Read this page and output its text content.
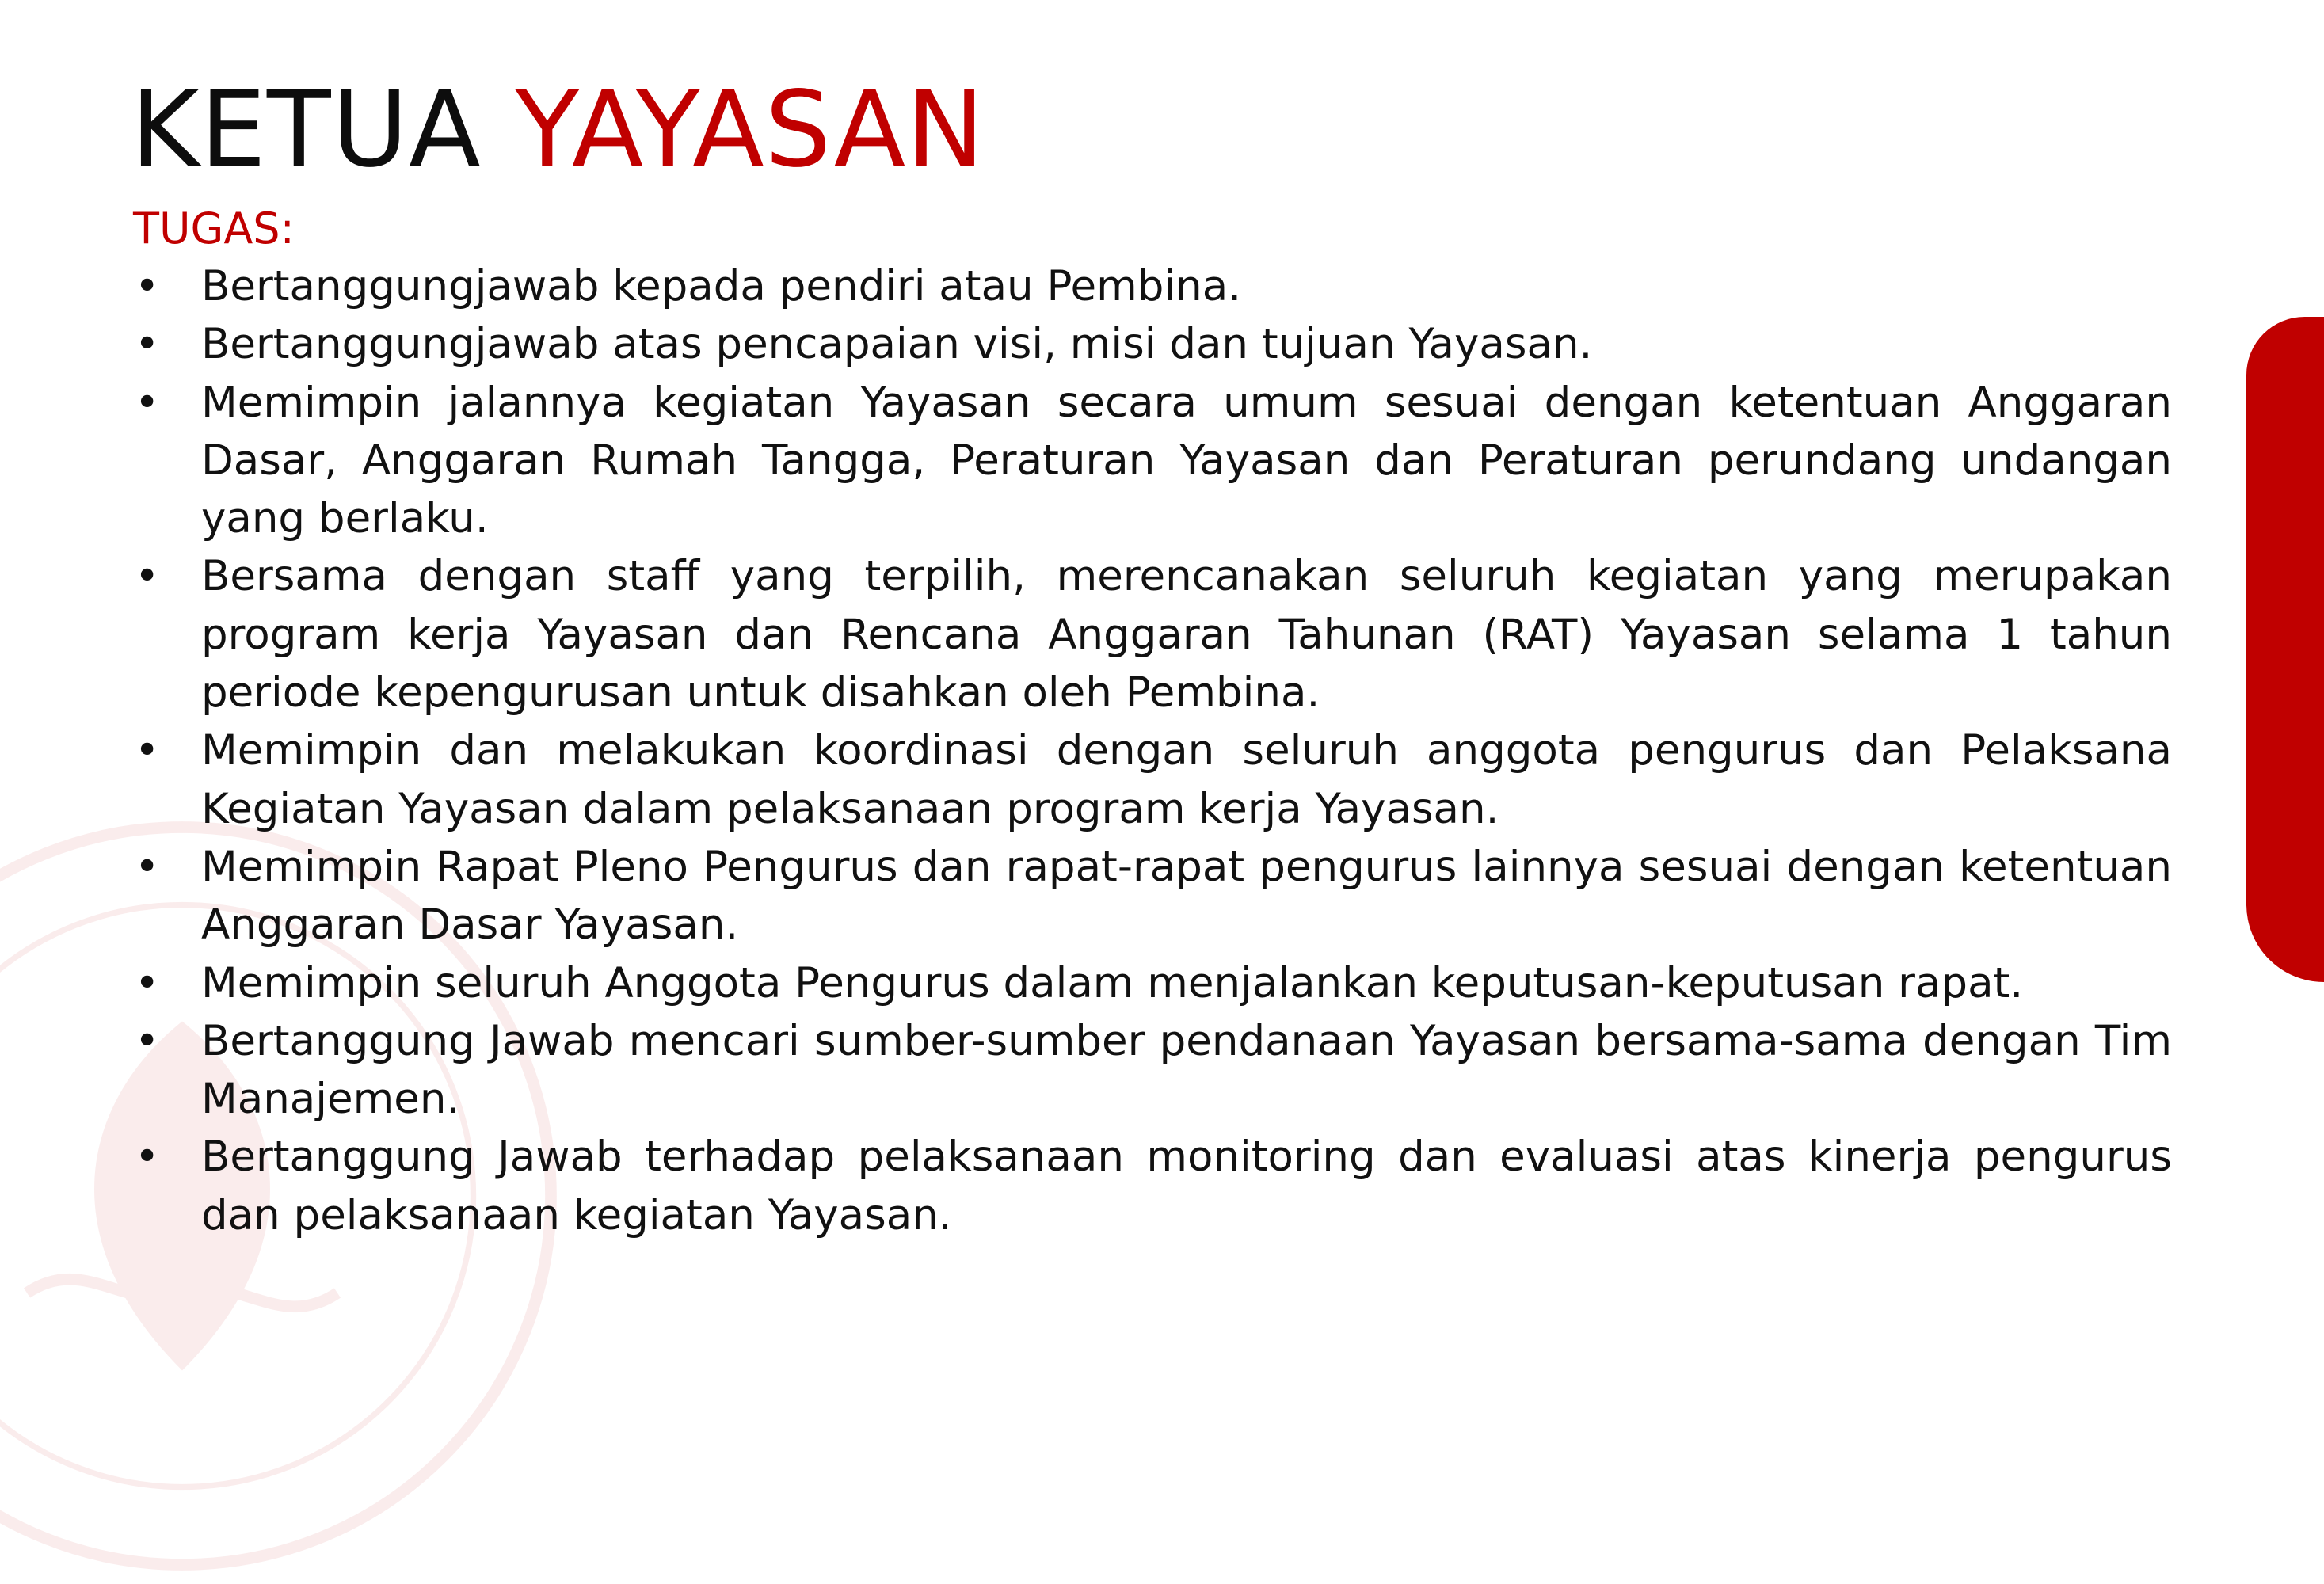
KETUA YAYASAN
TUGAS:
• Bertanggungjawab kepada pendiri atau Pembina.
• Bertanggungjawab atas pencapaian visi, misi dan tujuan Yayasan.
• Memimpin jalannya kegiatan Yayasan secara umum sesuai dengan ketentuan Anggaran Dasar, Anggaran Rumah Tangga, Peraturan Yayasan dan Peraturan perundang undangan yang berlaku.
• Bersama dengan staff yang terpilih, merencanakan seluruh kegiatan yang merupakan program kerja Yayasan dan Rencana Anggaran Tahunan (RAT) Yayasan selama 1 tahun periode kepengurusan untuk disahkan oleh Pembina.
• Memimpin dan melakukan koordinasi dengan seluruh anggota pengurus dan Pelaksana Kegiatan Yayasan dalam pelaksanaan program kerja Yayasan.
• Memimpin Rapat Pleno Pengurus dan rapat-rapat pengurus lainnya sesuai dengan ketentuan Anggaran Dasar Yayasan.
• Memimpin seluruh Anggota Pengurus dalam menjalankan keputusan-keputusan rapat.
• Bertanggung Jawab mencari sumber-sumber pendanaan Yayasan bersama-sama dengan Tim Manajemen.
• Bertanggung Jawab terhadap pelaksanaan monitoring dan evaluasi atas kinerja pengurus dan pelaksanaan kegiatan Yayasan.
